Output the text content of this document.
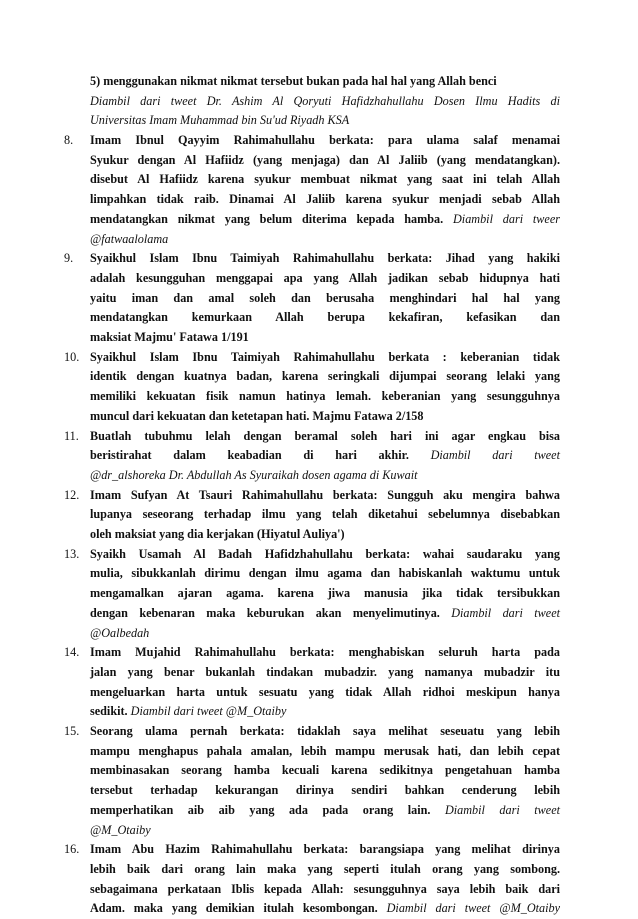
5) menggunakan nikmat nikmat tersebut bukan pada hal hal yang Allah benci
Diambil dari tweet Dr. Ashim Al Qoryuti Hafidzhahullahu Dosen Ilmu Hadits di
Universitas Imam Muhammad bin Su'ud Riyadh KSA
8. Imam Ibnul Qayyim Rahimahullahu berkata: para ulama salaf menamai
Syukur dengan Al Hafiidz (yang menjaga) dan Al Jaliib (yang mendatangkan).
disebut Al Hafiidz karena syukur membuat nikmat yang saat ini telah Allah
limpahkan tidak raib. Dinamai Al Jaliib karena syukur menjadi sebab Allah
mendatangkan nikmat yang belum diterima kepada hamba. Diambil dari tweer
@fatwaalolama
9. Syaikhul Islam Ibnu Taimiyah Rahimahullahu berkata: Jihad yang hakiki
adalah kesungguhan menggapai apa yang Allah jadikan sebab hidupnya hati
yaitu iman dan amal soleh dan berusaha menghindari hal hal yang
mendatangkan kemurkaan Allah berupa kekafiran, kefasikan dan
maksiat Majmu' Fatawa 1/191
10. Syaikhul Islam Ibnu Taimiyah Rahimahullahu berkata : keberanian tidak
identik dengan kuatnya badan, karena seringkali dijumpai seorang lelaki yang
memiliki kekuatan fisik namun hatinya lemah. keberanian yang sesungguhnya
muncul dari kekuatan dan ketetapan hati. Majmu Fatawa 2/158
11. Buatlah tubuhmu lelah dengan beramal soleh hari ini agar engkau bisa
beristirahat dalam keabadian di hari akhir. Diambil dari tweet
@dr_alshoreka Dr. Abdullah As Syuraikah dosen agama di Kuwait
12. Imam Sufyan At Tsauri Rahimahullahu berkata: Sungguh aku mengira bahwa
lupanya seseorang terhadap ilmu yang telah diketahui sebelumnya disebabkan
oleh maksiat yang dia kerjakan (Hiyatul Auliya')
13. Syaikh Usamah Al Badah Hafidzhahullahu berkata: wahai saudaraku yang
mulia, sibukkanlah dirimu dengan ilmu agama dan habiskanlah waktumu untuk
mengamalkan ajaran agama. karena jiwa manusia jika tidak tersibukkan
dengan kebenaran maka keburukan akan menyelimutinya. Diambil dari tweet
@Oalbedah
14. Imam Mujahid Rahimahullahu berkata: menghabiskan seluruh harta pada
jalan yang benar bukanlah tindakan mubadzir. yang namanya mubadzir itu
mengeluarkan harta untuk sesuatu yang tidak Allah ridhoi meskipun hanya
sedikit. Diambil dari tweet @M_Otaiby
15. Seorang ulama pernah berkata: tidaklah saya melihat seseuatu yang lebih
mampu menghapus pahala amalan, lebih mampu merusak hati, dan lebih cepat
membinasakan seorang hamba kecuali karena sedikitnya pengetahuan hamba
tersebut terhadap kekurangan dirinya sendiri bahkan cenderung lebih
memperhatikan aib aib yang ada pada orang lain. Diambil dari tweet
@M_Otaiby
16. Imam Abu Hazim Rahimahullahu berkata: barangsiapa yang melihat dirinya
lebih baik dari orang lain maka yang seperti itulah orang yang sombong.
sebagaimana perkataan Iblis kepada Allah: sesungguhnya saya lebih baik dari
Adam. maka yang demikian itulah kesombongan. Diambil dari tweet @M_Otaiby
